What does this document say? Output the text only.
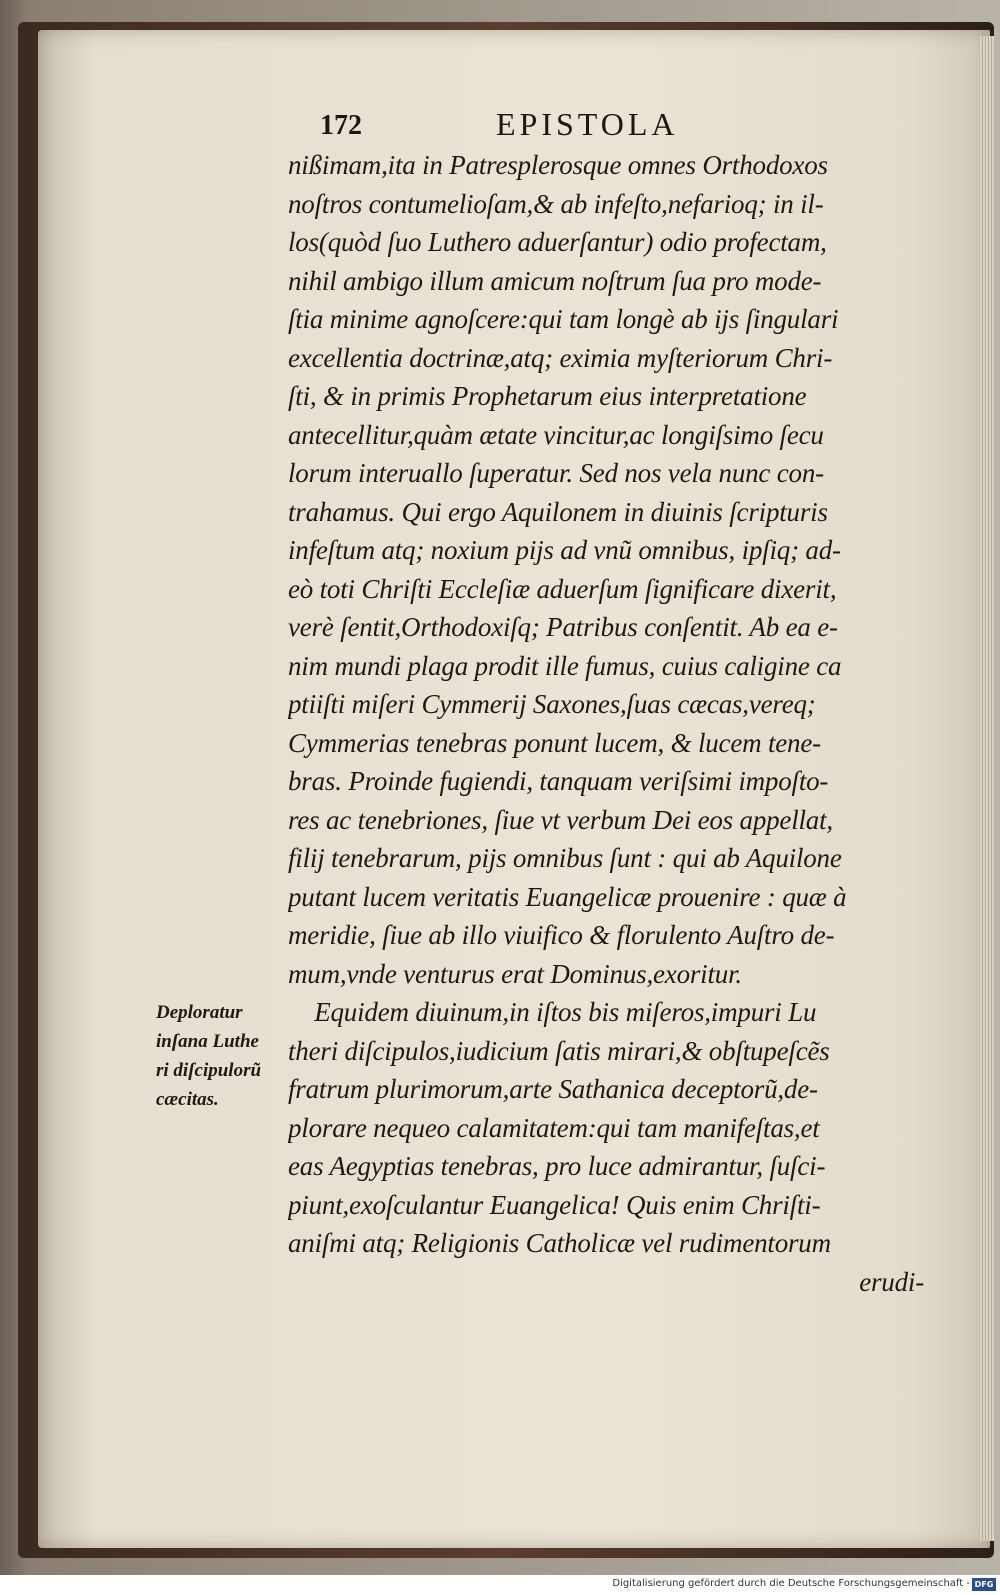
172	EPISTOLA
nißimam,ita in Patresplerosque omnes Orthodoxos
noſtros contumelioſam,& ab infeſto,nefarioq; in il-
los(quòd ſuo Luthero aduerſantur) odio profectam,
nihil ambigo illum amicum noſtrum ſua pro mode-
ſtia minime agnoſcere:qui tam longè ab ijs ſingulari
excellentia doctrinæ,atq; eximia myſteriorum Chri-
ſti, & in primis Prophetarum eius interpretatione
antecellitur,quàm ætate vincitur,ac longiſsimo ſecu
lorum interuallo ſuperatur. Sed nos vela nunc con-
trahamus. Qui ergo Aquilonem in diuinis ſcripturis
infeſtum atq; noxium pijs ad vnũ omnibus, ipſiq; ad-
eò toti Chriſti Eccleſiæ aduerſum ſignificare dixerit,
verè ſentit,Orthodoxiſq; Patribus conſentit. Ab ea e-
nim mundi plaga prodit ille fumus, cuius caligine ca
ptiiſti miſeri Cymmerij Saxones,ſuas cæcas,vereq;
Cymmerias tenebras ponunt lucem, & lucem tene-
bras. Proinde fugiendi, tanquam veriſsimi impoſto-
res ac tenebriones, ſiue vt verbum Dei eos appellat,
filij tenebrarum, pijs omnibus ſunt : qui ab Aquilone
putant lucem veritatis Euangelicæ prouenire : quæ à
meridie, ſiue ab illo viuifico & florulento Auſtro de-
mum,vnde venturus erat Dominus,exoritur.
Equidem diuinum,in iſtos bis miſeros,impuri Lu
theri diſcipulos,iudicium ſatis mirari,& obſtupeſcẽs
fratrum plurimorum,arte Sathanica deceptorũ,de-
plorare nequeo calamitatem:qui tam manifeſtas,et
eas Aegyptias tenebras, pro luce admirantur, ſuſci-
piunt,exoſculantur Euangelica! Quis enim Chriſti-
aniſmi atq; Religionis Catholicæ vel rudimentorum
erudi-
Deploratur
inſana Luthe
ri diſcipulorũ
cæcitas.
Digitalisierung gefördert durch die Deutsche Forschungsgemeinschaft - DFG
